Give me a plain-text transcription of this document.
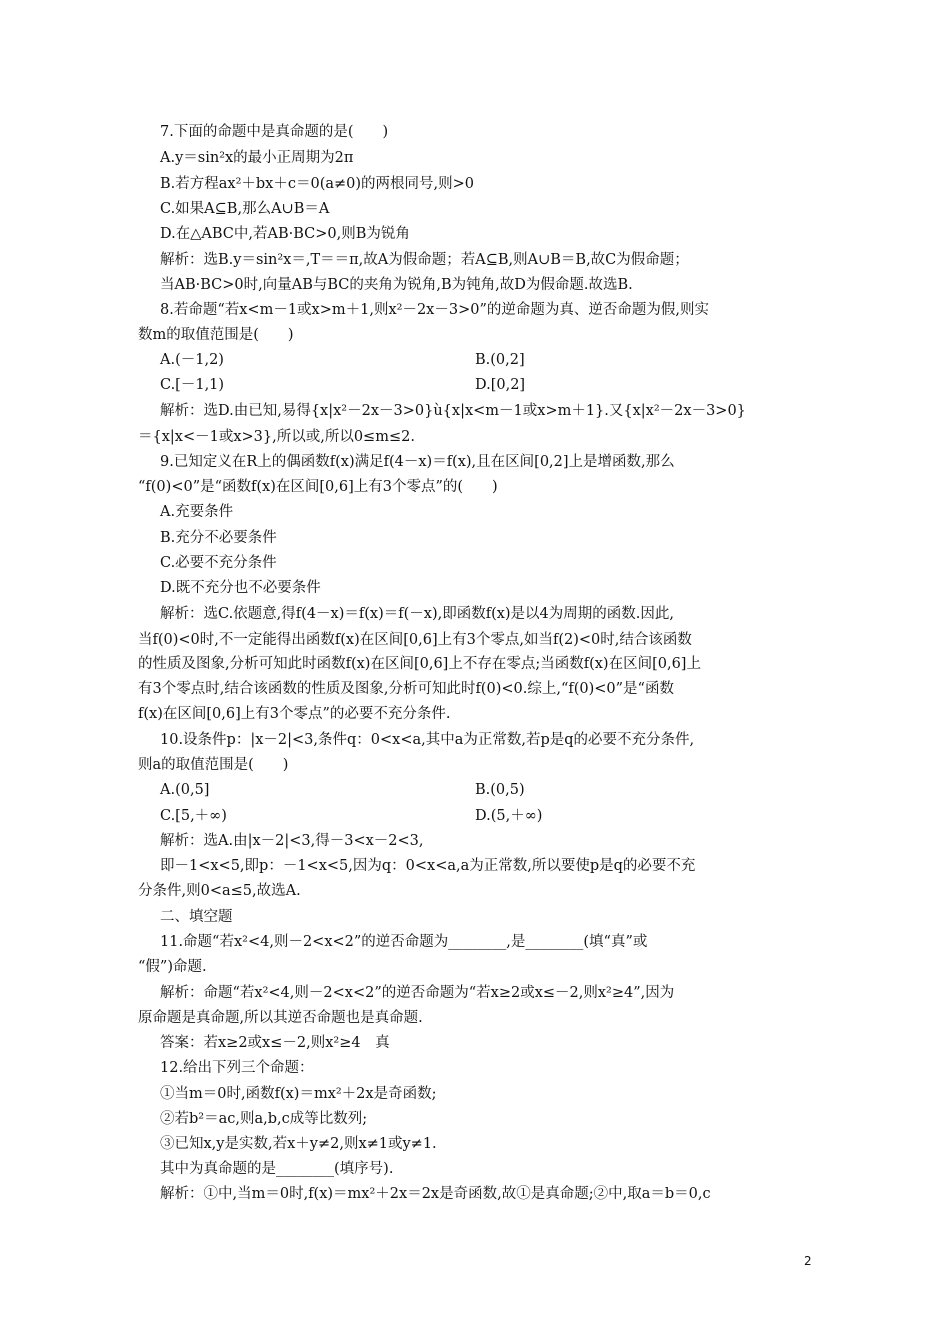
7.下面的命题中是真命题的是(　　)
A.y＝sin²x的最小正周期为2π
B.若方程ax²＋bx＋c＝0(a≠0)的两根同号,则>0
C.如果A⊆B,那么A∪B＝A
D.在△ABC中,若AB·BC>0,则B为锐角
解析：选B.y＝sin²x＝,T＝＝π,故A为假命题；若A⊆B,则A∪B＝B,故C为假命题；
当AB·BC>0时,向量AB与BC的夹角为锐角,B为钝角,故D为假命题.故选B.
8.若命题“若x<m－1或x>m＋1,则x²－2x－3>0”的逆命题为真、逆否命题为假,则实
数m的取值范围是(　　)
A.(－1,2)	B.(0,2]
C.[－1,1)	D.[0,2]
解析：选D.由已知,易得{x|x²－2x－3>0}ù{x|x<m－1或x>m＋1}.又{x|x²－2x－3>0}
＝{x|x<－1或x>3},所以或,所以0≤m≤2.
9.已知定义在R上的偶函数f(x)满足f(4－x)＝f(x),且在区间[0,2]上是增函数,那么
“f(0)<0”是“函数f(x)在区间[0,6]上有3个零点”的(　　)
A.充要条件
B.充分不必要条件
C.必要不充分条件
D.既不充分也不必要条件
解析：选C.依题意,得f(4－x)＝f(x)＝f(－x),即函数f(x)是以4为周期的函数.因此,
当f(0)<0时,不一定能得出函数f(x)在区间[0,6]上有3个零点,如当f(2)<0时,结合该函数
的性质及图象,分析可知此时函数f(x)在区间[0,6]上不存在零点;当函数f(x)在区间[0,6]上
有3个零点时,结合该函数的性质及图象,分析可知此时f(0)<0.综上,“f(0)<0”是“函数
f(x)在区间[0,6]上有3个零点”的必要不充分条件.
10.设条件p：|x－2|<3,条件q：0<x<a,其中a为正常数,若p是q的必要不充分条件,
则a的取值范围是(　　)
A.(0,5]	B.(0,5)
C.[5,＋∞)	D.(5,＋∞)
解析：选A.由|x－2|<3,得－3<x－2<3,
即－1<x<5,即p：－1<x<5,因为q：0<x<a,a为正常数,所以要使p是q的必要不充
分条件,则0<a≤5,故选A.
二、填空题
11.命题“若x²<4,则－2<x<2”的逆否命题为________,是________(填“真”或
“假”)命题.
解析：命题“若x²<4,则－2<x<2”的逆否命题为“若x≥2或x≤－2,则x²≥4”,因为
原命题是真命题,所以其逆否命题也是真命题.
答案：若x≥2或x≤－2,则x²≥4　真
12.给出下列三个命题：
①当m＝0时,函数f(x)＝mx²＋2x是奇函数;
②若b²＝ac,则a,b,c成等比数列;
③已知x,y是实数,若x＋y≠2,则x≠1或y≠1.
其中为真命题的是________(填序号).
解析：①中,当m＝0时,f(x)＝mx²＋2x＝2x是奇函数,故①是真命题;②中,取a＝b＝0,c
2
